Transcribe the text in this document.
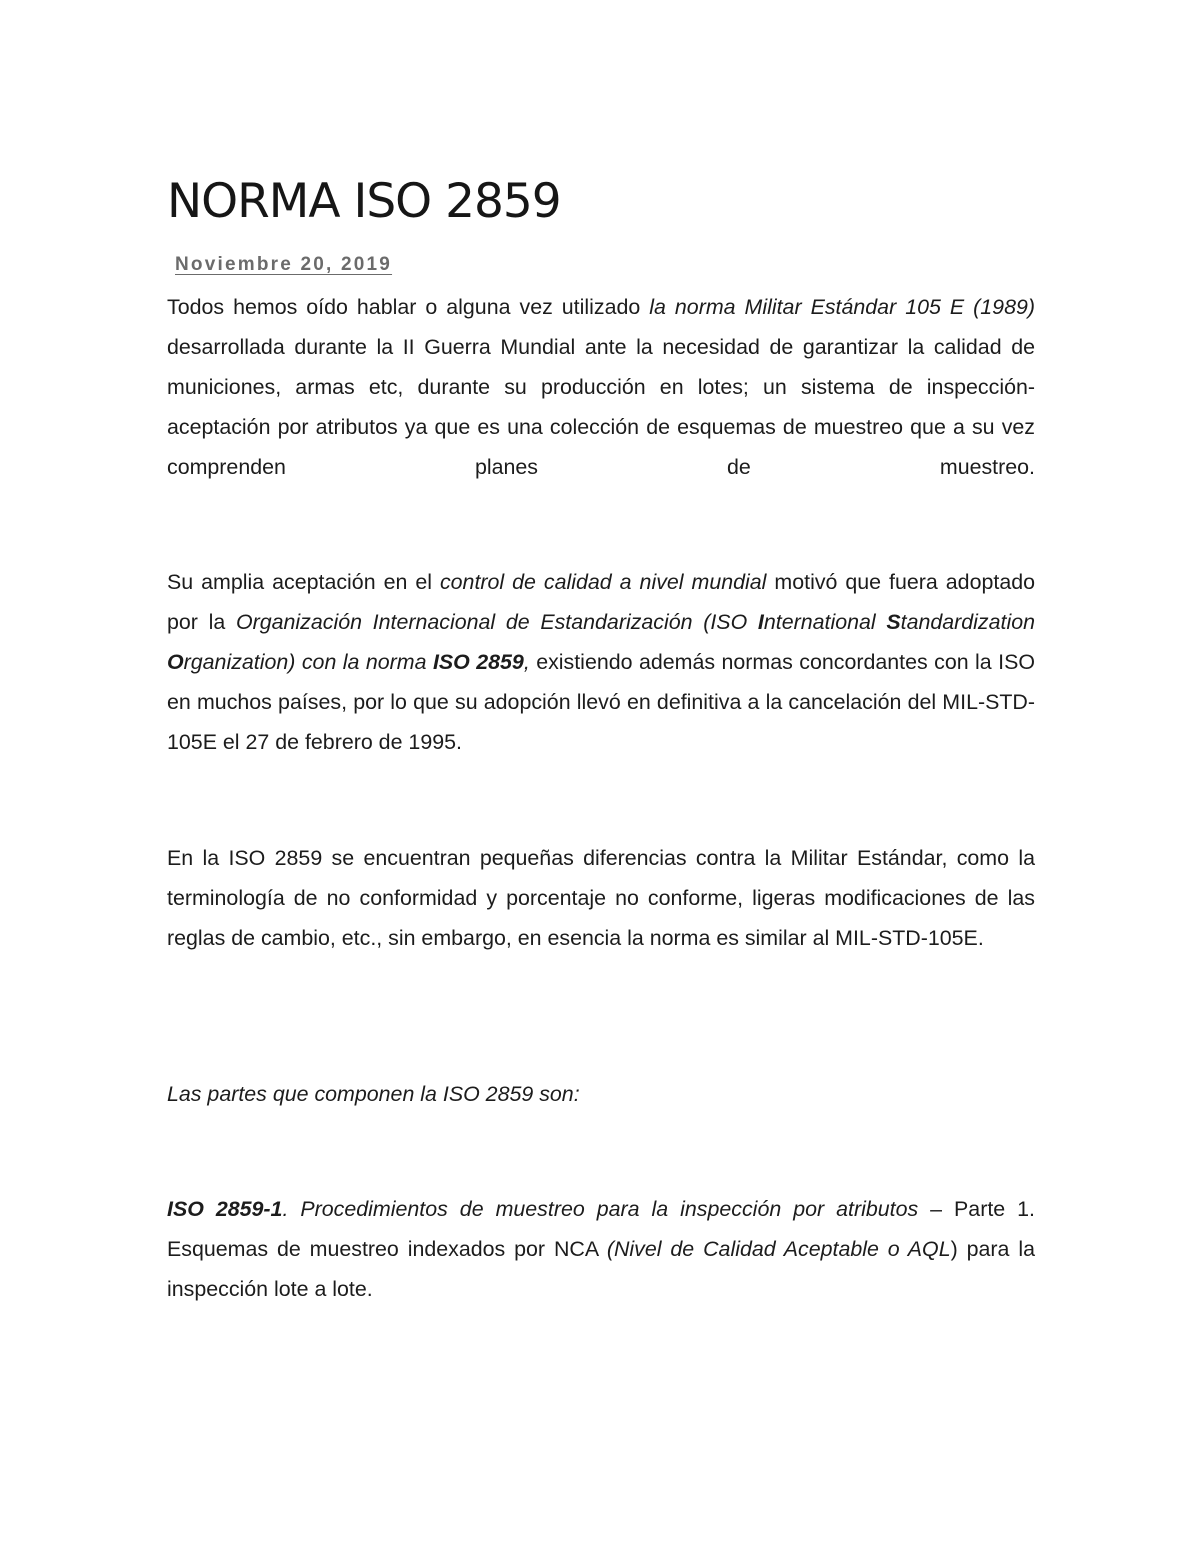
NORMA ISO 2859
Noviembre 20, 2019

Todos hemos oído hablar o alguna vez utilizado la norma Militar Estándar 105 E (1989) desarrollada durante la II Guerra Mundial ante la necesidad de garantizar la calidad de municiones, armas etc, durante su producción en lotes; un sistema de inspección-aceptación por atributos ya que es una colección de esquemas de muestreo que a su vez comprenden planes de muestreo.

Su amplia aceptación en el control de calidad a nivel mundial motivó que fuera adoptado por la Organización Internacional de Estandarización (ISO International Standardization Organization) con la norma ISO 2859, existiendo además normas concordantes con la ISO en muchos países, por lo que su adopción llevó en definitiva a la cancelación del MIL-STD-105E el 27 de febrero de 1995.

En la ISO 2859 se encuentran pequeñas diferencias contra la Militar Estándar, como la terminología de no conformidad y porcentaje no conforme, ligeras modificaciones de las reglas de cambio, etc., sin embargo, en esencia la norma es similar al MIL-STD-105E.

Las partes que componen la ISO 2859 son:

ISO 2859-1. Procedimientos de muestreo para la inspección por atributos – Parte 1. Esquemas de muestreo indexados por NCA (Nivel de Calidad Aceptable o AQL) para la inspección lote a lote.
